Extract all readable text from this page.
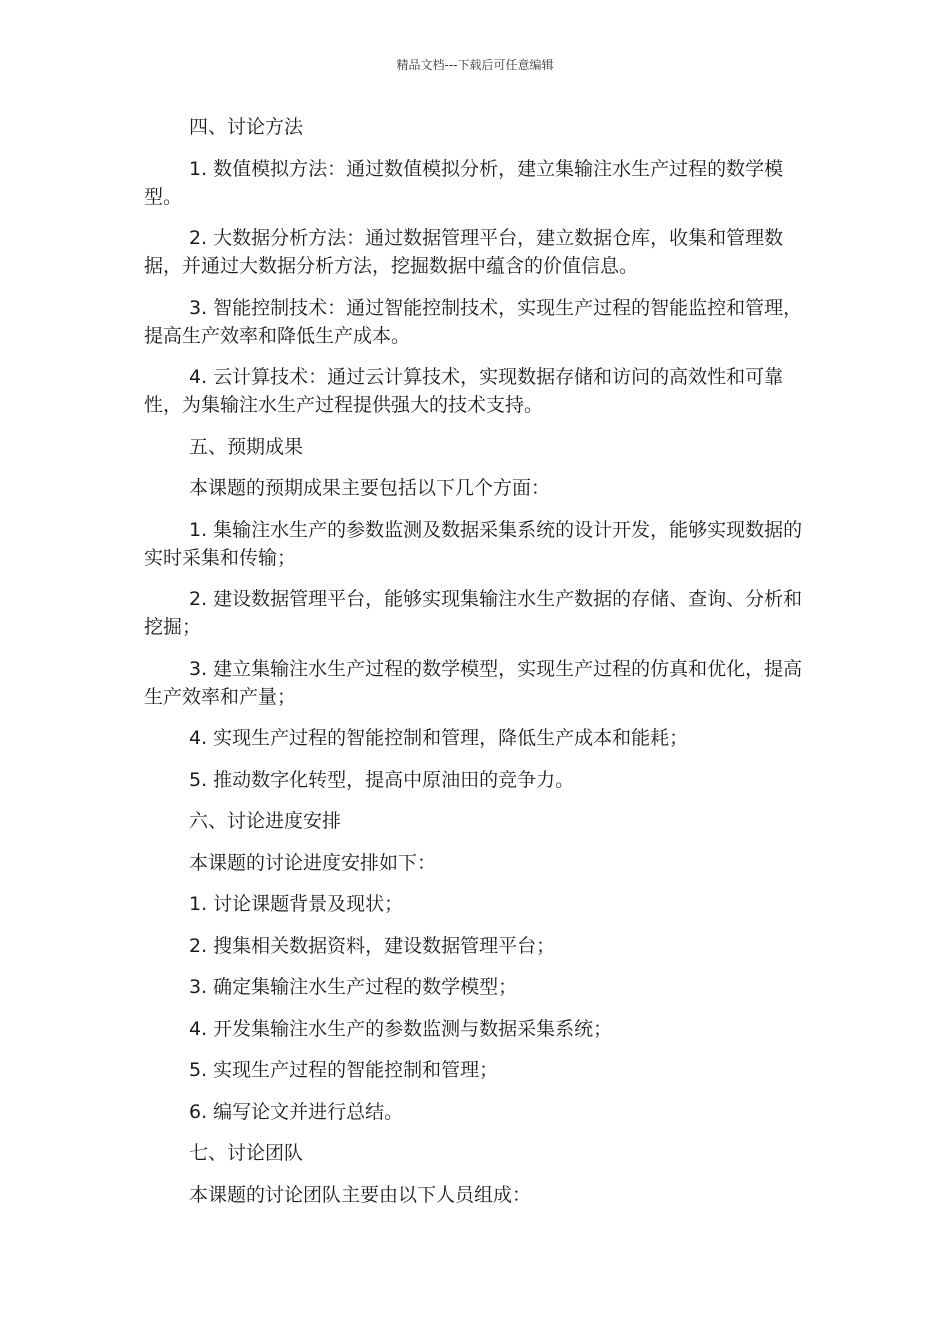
精品文档---下载后可任意编辑

四、讨论方法

1. 数值模拟方法：通过数值模拟分析，建立集输注水生产过程的数学模型。

2. 大数据分析方法：通过数据管理平台，建立数据仓库，收集和管理数据，并通过大数据分析方法，挖掘数据中蕴含的价值信息。

3. 智能控制技术：通过智能控制技术，实现生产过程的智能监控和管理，提高生产效率和降低生产成本。

4. 云计算技术：通过云计算技术，实现数据存储和访问的高效性和可靠性，为集输注水生产过程提供强大的技术支持。

五、预期成果

本课题的预期成果主要包括以下几个方面：

1. 集输注水生产的参数监测及数据采集系统的设计开发，能够实现数据的实时采集和传输；

2. 建设数据管理平台，能够实现集输注水生产数据的存储、查询、分析和挖掘；

3. 建立集输注水生产过程的数学模型，实现生产过程的仿真和优化，提高生产效率和产量；

4. 实现生产过程的智能控制和管理，降低生产成本和能耗；

5. 推动数字化转型，提高中原油田的竞争力。

六、讨论进度安排

本课题的讨论进度安排如下：

1. 讨论课题背景及现状；

2. 搜集相关数据资料，建设数据管理平台；

3. 确定集输注水生产过程的数学模型；

4. 开发集输注水生产的参数监测与数据采集系统；

5. 实现生产过程的智能控制和管理；

6. 编写论文并进行总结。

七、讨论团队

本课题的讨论团队主要由以下人员组成：
